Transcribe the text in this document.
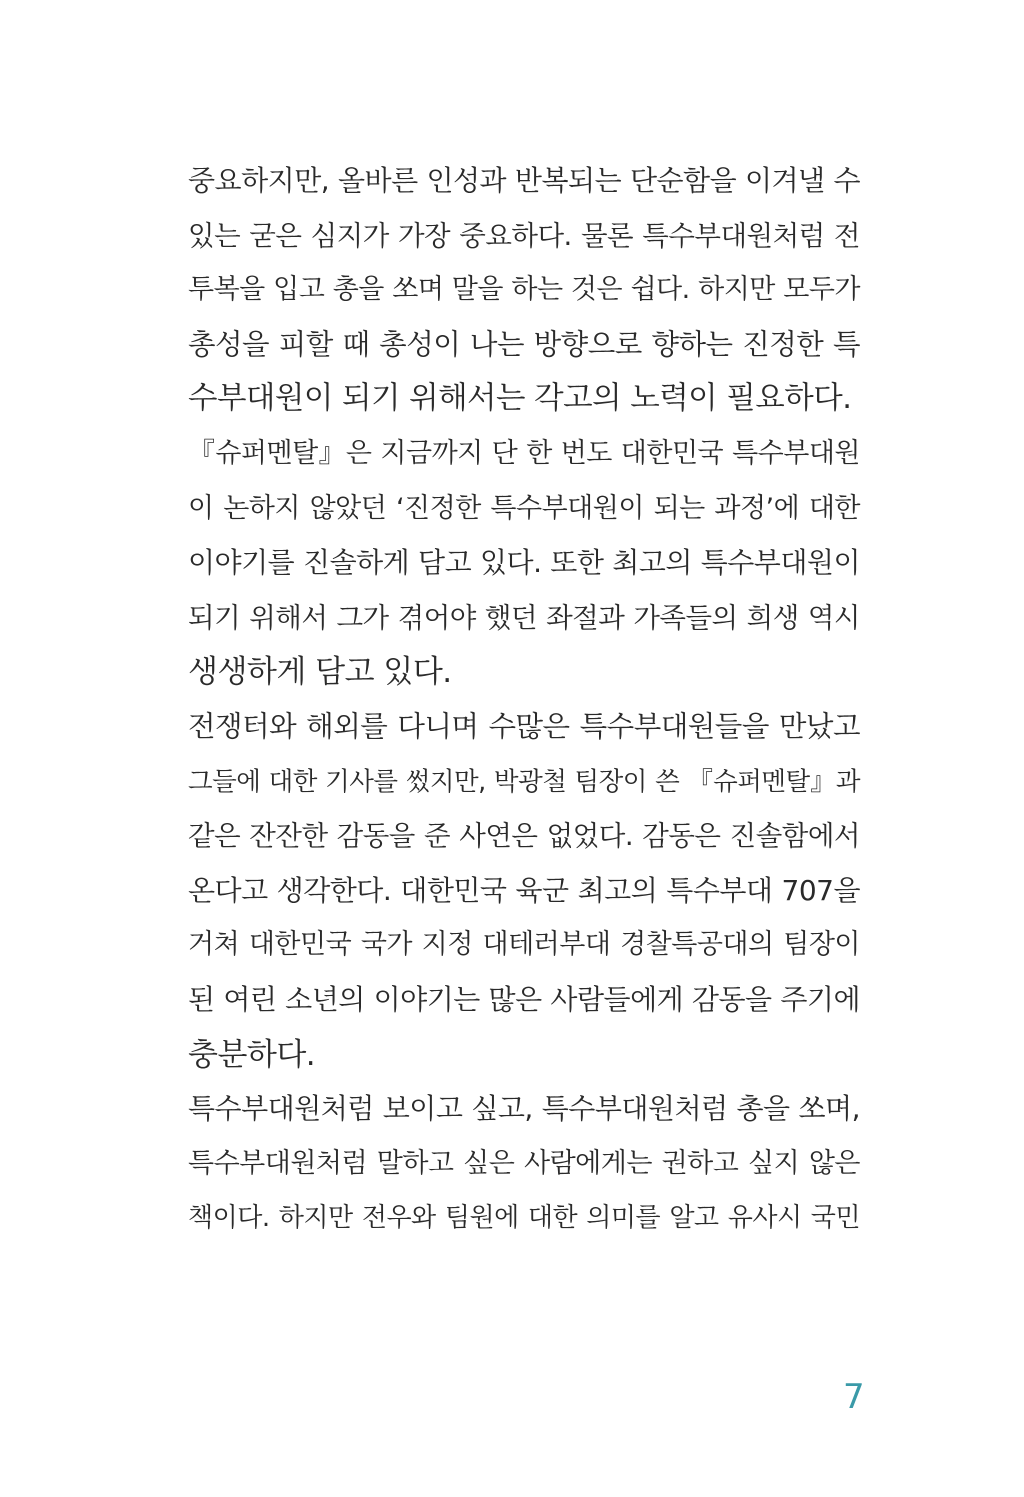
중요하지만, 올바른 인성과 반복되는 단순함을 이겨낼 수
있는 굳은 심지가 가장 중요하다. 물론 특수부대원처럼 전
투복을 입고 총을 쏘며 말을 하는 것은 쉽다. 하지만 모두가
총성을 피할 때 총성이 나는 방향으로 향하는 진정한 특
수부대원이 되기 위해서는 각고의 노력이 필요하다.
『슈퍼멘탈』은 지금까지 단 한 번도 대한민국 특수부대원
이 논하지 않았던 ‘진정한 특수부대원이 되는 과정’에 대한
이야기를 진솔하게 담고 있다. 또한 최고의 특수부대원이
되기 위해서 그가 겪어야 했던 좌절과 가족들의 희생 역시
생생하게 담고 있다.
전쟁터와 해외를 다니며 수많은 특수부대원들을 만났고
그들에 대한 기사를 썼지만, 박광철 팀장이 쓴 『슈퍼멘탈』과
같은 잔잔한 감동을 준 사연은 없었다. 감동은 진솔함에서
온다고 생각한다. 대한민국 육군 최고의 특수부대 707을
거쳐 대한민국 국가 지정 대테러부대 경찰특공대의 팀장이
된 여린 소년의 이야기는 많은 사람들에게 감동을 주기에
충분하다.
특수부대원처럼 보이고 싶고, 특수부대원처럼 총을 쏘며,
특수부대원처럼 말하고 싶은 사람에게는 권하고 싶지 않은
책이다. 하지만 전우와 팀원에 대한 의미를 알고 유사시 국민
7
